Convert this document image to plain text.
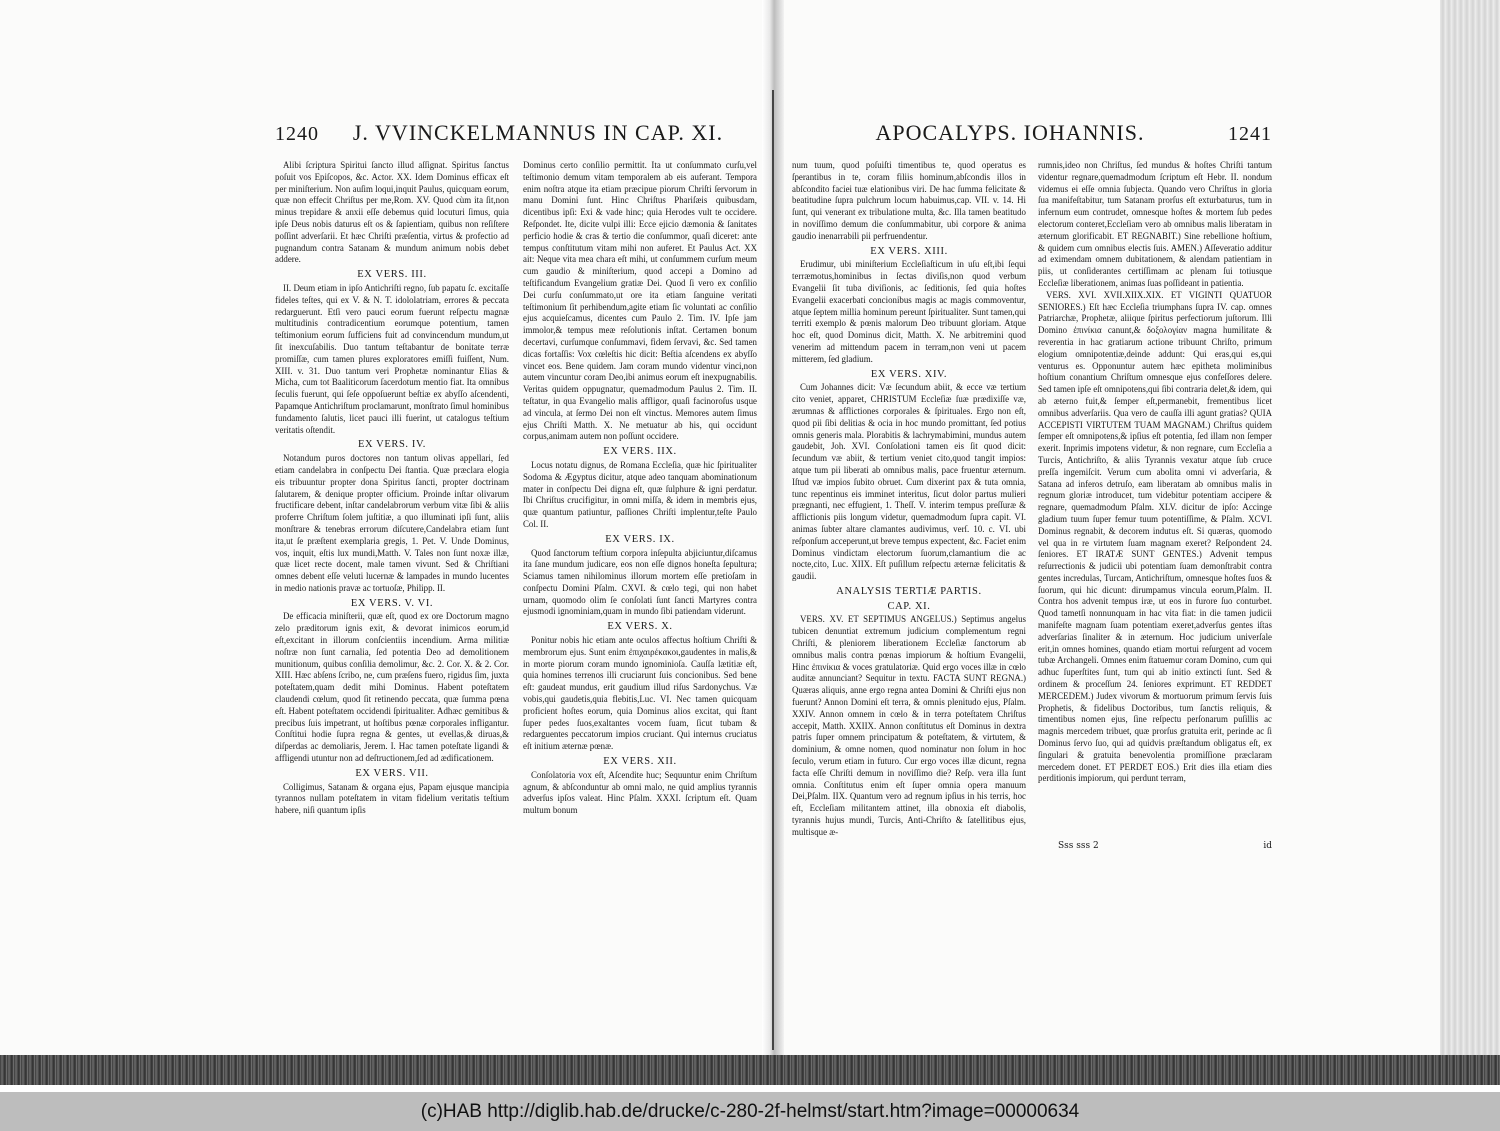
1240	J. VVINCKELMANNUS IN CAP. XI.

Alibi ſcriptura Spiritui ſancto illud aſſignat. Spiritus ſanctus poſuit vos Epiſcopos, &c. Actor. XX. Idem Dominus efficax eſt per miniſterium. Non auſim loqui,inquit Paulus, quicquam eorum, quæ non effecit Chriſtus per me,Rom. XV. Quod cùm ita ſit,non minus trepidare & anxii eſſe debemus quid locuturi ſimus, quia ipſe Deus nobis daturus eſt os & ſapientiam, quibus non reſiſtere poſſint adverſarii. Et hæc Chriſti præſentia, virtus & profectio ad pugnandum contra Satanam & mundum animum nobis debet addere.

EX VERS. III.

II. Deum etiam in ipſo Antichriſti regno, ſub papatu ſc. excitaſſe fideles teſtes, qui ex V. & N. T. idololatriam, errores & peccata redarguerunt. Etſi vero pauci eorum fuerunt reſpectu magnæ multitudinis contradicentium eorumque potentium, tamen teſtimonium eorum ſufficiens fuit ad convincendum mundum,ut ſit inexcuſabilis. Duo tantum teſtabantur de bonitate terræ promiſſæ, cum tamen plures exploratores emiſſi fuiſſent, Num. XIII. v. 31. Duo tantum veri Prophetæ nominantur Elias & Micha, cum tot Baaliticorum ſacerdotum mentio fiat. Ita omnibus ſeculis fuerunt, qui ſeſe oppoſuerunt beſtiæ ex abyſſo aſcendenti, Papamque Antichriſtum proclamarunt, monſtrato ſimul hominibus fundamento ſalutis, licet pauci illi fuerint, ut catalogus teſtium veritatis oſtendit.

EX VERS. IV.

Notandum puros doctores non tantum olivas appellari, ſed etiam candelabra in conſpectu Dei ſtantia. Quæ præclara elogia eis tribuuntur propter dona Spiritus ſancti, propter doctrinam ſalutarem, & denique propter officium. Proinde inſtar olivarum fructificare debent, inſtar candelabrorum verbum vitæ ſibi & aliis proferre Chriſtum ſolem juſtitiæ, a quo illuminati ipſi ſunt, aliis monſtrare & tenebras errorum diſcutere,Candelabra etiam ſunt ita,ut ſe præſtent exemplaria gregis, 1. Pet. V. Unde Dominus, vos, inquit, eſtis lux mundi,Matth. V. Tales non ſunt noxæ illæ, quæ licet recte docent, male tamen vivunt. Sed & Chriſtiani omnes debent eſſe veluti lucernæ & lampades in mundo lucentes in medio nationis pravæ ac tortuoſæ, Philipp. II.

EX VERS. V. VI.

De efficacia miniſterii, quæ eſt, quod ex ore Doctorum magno zelo præditorum ignis exit, & devorat inimicos eorum,id eſt,excitant in illorum conſcientiis incendium. Arma militiæ noſtræ non ſunt carnalia, ſed potentia Deo ad demolitionem munitionum, quibus conſilia demolimur, &c. 2. Cor. X. & 2. Cor. XIII. Hæc abſens ſcribo, ne, cum præſens fuero, rigidus ſim, juxta poteſtatem,quam dedit mihi Dominus. Habent poteſtatem claudendi cœlum, quod ſit retinendo peccata, quæ ſumma pœna eſt. Habent poteſtatem occidendi ſpiritualiter. Adhæc gemitibus & precibus ſuis impetrant, ut hoſtibus pœnæ corporales infligantur. Conſtitui hodie ſupra regna & gentes, ut evellas,& diruas,& diſperdas ac demoliaris, Jerem. I. Hac tamen poteſtate ligandi & affligendi utuntur non ad deſtructionem,ſed ad ædificationem.

EX VERS. VII.

Colligimus, Satanam & organa ejus, Papam ejusque mancipia tyrannos nullam poteſtatem in vitam fidelium veritatis teſtium habere, niſi quantum ipſis

Dominus certo conſilio permittit. Ita ut conſummato curſu,vel teſtimonio demum vitam temporalem ab eis auferant. Tempora enim noſtra atque ita etiam præcipue piorum Chriſti ſervorum in manu Domini ſunt. Hinc Chriſtus Phariſæis quibusdam, dicentibus ipſi: Exi & vade hinc; quia Herodes vult te occidere. Reſpondet. Ite, dicite vulpi illi: Ecce ejicio dæmonia & ſanitates perficio hodie & cras & tertio die conſummor, quaſi diceret: ante tempus conſtitutum vitam mihi non auferet. Et Paulus Act. XX ait: Neque vita mea chara eſt mihi, ut conſummem curſum meum cum gaudio & miniſterium, quod accepi a Domino ad teſtificandum Evangelium gratiæ Dei. Quod ſi vero ex conſilio Dei curſu conſummato,ut ore ita etiam ſanguine veritati teſtimonium ſit perhibendum,agite etiam ſic voluntati ac conſilio ejus acquieſcamus, dicentes cum Paulo 2. Tim. IV. Ipſe jam immolor,& tempus meæ reſolutionis inſtat. Certamen bonum decertavi, curſumque conſummavi, fidem ſervavi, &c. Sed tamen dicas fortaſſis: Vox cœleſtis hic dicit: Beſtia aſcendens ex abyſſo vincet eos. Bene quidem. Jam coram mundo videntur vinci,non autem vincuntur coram Deo,ibi animus eorum eſt inexpugnabilis. Veritas quidem oppugnatur, quemadmodum Paulus 2. Tim. II. teſtatur, in qua Evangelio malis affligor, quaſi facinoroſus usque ad vincula, at ſermo Dei non eſt vinctus. Memores autem ſimus ejus Chriſti Matth. X. Ne metuatur ab his, qui occidunt corpus,animam autem non poſſunt occidere.

EX VERS. IIX.

Locus notatu dignus, de Romana Eccleſia, quæ hic ſpiritualiter Sodoma & Ægyptus dicitur, atque adeo tanquam abominationum mater in conſpectu Dei digna eſt, quæ ſulphure & igni perdatur. Ibi Chriſtus crucifigitur, in omni miſſa, & idem in membris ejus, quæ quantum patiuntur, paſſiones Chriſti implentur,teſte Paulo Col. II.

EX VERS. IX.

Quod ſanctorum teſtium corpora inſepulta abjiciuntur,diſcamus ita ſane mundum judicare, eos non eſſe dignos honeſta ſepultura; Sciamus tamen nihilominus illorum mortem eſſe pretioſam in conſpectu Domini Pſalm. CXVI. & cœlo tegi, qui non habet urnam, quomodo olim ſe conſolati ſunt ſancti Martyres contra ejusmodi ignominiam,quam in mundo ſibi patiendam viderunt.

EX VERS. X.

Ponitur nobis hic etiam ante oculos affectus hoſtium Chriſti & membrorum ejus. Sunt enim ἐπιχαιρέκακοι,gaudentes in malis,& in morte piorum coram mundo ignominioſa. Cauſſa lætitiæ eſt, quia homines terrenos illi cruciarunt ſuis concionibus. Sed bene eſt: gaudeat mundus, erit gaudium illud riſus Sardonychus. Væ vobis,qui gaudetis,quia flebitis,Luc. VI. Nec tamen quicquam proficient hoſtes eorum, quia Dominus alios excitat, qui ſtant ſuper pedes ſuos,exaltantes vocem ſuam, ſicut tubam & redarguentes peccatorum impios cruciant. Qui internus cruciatus eſt initium æternæ pœnæ.

EX VERS. XII.

Conſolatoria vox eſt, Aſcendite huc; Sequuntur enim Chriſtum agnum, & abſconduntur ab omni malo, ne quid amplius tyrannis adverſus ipſos valeat. Hinc Pſalm. XXXI. ſcriptum eſt. Quam multum bonum

APOCALYPS. IOHANNIS.	1241

num tuum, quod poſuiſti timentibus te, quod operatus es ſperantibus in te, coram filiis hominum,abſcondis illos in abſcondito faciei tuæ elationibus viri. De hac ſumma felicitate & beatitudine ſupra pulchrum locum habuimus,cap. VII. v. 14. Hi ſunt, qui venerant ex tribulatione multa, &c. Illa tamen beatitudo in noviſſimo demum die conſummabitur, ubi corpore & anima gaudio inenarrabili pii perfruendentur.

EX VERS. XIII.

Erudimur, ubi miniſterium Eccleſiaſticum in uſu eſt,ibi ſequi terræmotus,hominibus in ſectas diviſis,non quod verbum Evangelii ſit tuba diviſionis, ac ſeditionis, ſed quia hoſtes Evangelii exacerbati concionibus magis ac magis commoventur, atque ſeptem millia hominum pereunt ſpiritualiter. Sunt tamen,qui territi exemplo & pœnis malorum Deo tribuunt gloriam. Atque hoc eſt, quod Dominus dicit, Matth. X. Ne arbitremini quod venerim ad mittendum pacem in terram,non veni ut pacem mitterem, ſed gladium.

EX VERS. XIV.

Cum Johannes dicit: Væ ſecundum abiit, & ecce væ tertium cito veniet, apparet, CHRISTUM Eccleſiæ ſuæ prædixiſſe væ, ærumnas & afflictiones corporales & ſpirituales. Ergo non eſt, quod pii ſibi delitias & ocia in hoc mundo promittant, ſed potius omnis generis mala. Plorabitis & lachrymabimini, mundus autem gaudebit, Joh. XVI. Conſolationi tamen eis ſit quod dicit: ſecundum væ abiit, & tertium veniet cito,quod tangit impios: atque tum pii liberati ab omnibus malis, pace fruentur æternum. Iſtud væ impios ſubito obruet. Cum dixerint pax & tuta omnia, tunc repentinus eis imminet interitus, ſicut dolor partus mulieri prægnanti, nec effugient, 1. Theſſ. V. interim tempus preſſuræ & afflictionis piis longum videtur, quemadmodum ſupra capit. VI. animas ſubter altare clamantes audivimus, verſ. 10. c. VI. ubi reſponſum acceperunt,ut breve tempus expectent, &c. Faciet enim Dominus vindictam electorum ſuorum,clamantium die ac nocte,cito, Luc. XIIX. Eſt puſillum reſpectu æternæ felicitatis & gaudii.

ANALYSIS TERTIÆ PARTIS.
CAP. XI.

VERS. XV. ET SEPTIMUS ANGELUS.) Septimus angelus tubicen denuntiat extremum judicium complementum regni Chriſti, & pleniorem liberationem Eccleſiæ ſanctorum ab omnibus malis contra pœnas impiorum & hoſtium Evangelii, Hinc ἐπινίκια & voces gratulatoriæ. Quid ergo voces illæ in cœlo auditæ annunciant? Sequitur in textu. FACTA SUNT REGNA.) Quæras aliquis, anne ergo regna antea Domini & Chriſti ejus non fuerunt? Annon Domini eſt terra, & omnis plenitudo ejus, Pſalm. XXIV. Annon omnem in cœlo & in terra poteſtatem Chriſtus accepit, Matth. XXIIX. Annon conſtitutus eſt Dominus in dextra patris ſuper omnem principatum & poteſtatem, & virtutem, & dominium, & omne nomen, quod nominatur non ſolum in hoc ſeculo, verum etiam in futuro. Cur ergo voces illæ dicunt, regna facta eſſe Chriſti demum in noviſſimo die? Reſp. vera illa ſunt omnia. Conſtitutus enim eſt ſuper omnia opera manuum Dei,Pſalm. IIX. Quantum vero ad regnum ipſius in his terris, hoc eſt, Eccleſiam militantem attinet, illa obnoxia eſt diabolis, tyrannis hujus mundi, Turcis, Anti-Chriſto & ſatellitibus ejus, multisque æ-

rumnis,ideo non Chriſtus, ſed mundus & hoſtes Chriſti tantum videntur regnare,quemadmodum ſcriptum eſt Hebr. II. nondum videmus ei eſſe omnia ſubjecta. Quando vero Chriſtus in gloria ſua manifeſtabitur, tum Satanam prorſus eſt exturbaturus, tum in infernum eum contrudet, omnesque hoſtes & mortem ſub pedes electorum conteret,Eccleſiam vero ab omnibus malis liberatam in æternum glorificabit. ET REGNABIT.) Sine rebellione hoſtium, & quidem cum omnibus electis ſuis. AMEN.) Aſſeveratio additur ad eximendam omnem dubitationem, & alendam patientiam in piis, ut conſiderantes certiſſimam ac plenam ſui totiusque Eccleſiæ liberationem, animas ſuas poſſideant in patientia.

VERS. XVI. XVII.XIIX.XIX. ET VIGINTI QUATUOR SENIORES.) Eſt hæc Eccleſia triumphans ſupra IV. cap. omnes Patriarchæ, Prophetæ, aliique ſpiritus perfectiorum juſtorum. Illi Domino ἐπινίκια canunt,& δοξολογίαν magna humilitate & reverentia in hac gratiarum actione tribuunt Chriſto, primum elogium omnipotentiæ,deinde addunt: Qui eras,qui es,qui venturus es. Opponuntur autem hæc epitheta moliminibus hoſtium conantium Chriſtum omnesque ejus confeſſores delere. Sed tamen ipſe eſt omnipotens,qui ſibi contraria delet,& idem, qui ab æterno fuit,& ſemper eſt,permanebit, frementibus licet omnibus adverſariis. Qua vero de cauſſa illi agunt gratias? QUIA ACCEPISTI VIRTUTEM TUAM MAGNAM.) Chriſtus quidem ſemper eſt omnipotens,& ipſius eſt potentia, ſed illam non ſemper exerit. Inprimis impotens videtur, & non regnare, cum Eccleſia a Turcis, Antichriſto, & aliis Tyrannis vexatur atque ſub cruce preſſa ingemiſcit. Verum cum abolita omni vi adverſaria, & Satana ad inferos detruſo, eam liberatam ab omnibus malis in regnum gloriæ introducet, tum videbitur potentiam accipere & regnare, quemadmodum Pſalm. XLV. dicitur de ipſo: Accinge gladium tuum ſuper femur tuum potentiſſime, & Pſalm. XCVI. Dominus regnabit, & decorem indutus eſt. Si quæras, quomodo vel qua in re virtutem ſuam magnam exeret? Reſpondent 24. ſeniores. ET IRATÆ SUNT GENTES.) Advenit tempus reſurrectionis & judicii ubi potentiam ſuam demonſtrabit contra gentes incredulas, Turcam, Antichriſtum, omnesque hoſtes ſuos & ſuorum, qui hic dicunt: dirumpamus vincula eorum,Pſalm. II. Contra hos advenit tempus iræ, ut eos in furore ſuo conturbet. Quod tametſi nonnunquam in hac vita fiat: in die tamen judicii manifeſte magnam ſuam potentiam exeret,adverſus gentes iſtas adverſarias ſinaliter & in æternum. Hoc judicium univerſale erit,in omnes homines, quando etiam mortui reſurgent ad vocem tubæ Archangeli. Omnes enim ſtatuemur coram Domino, cum qui adhuc ſuperſtites ſunt, tum qui ab initio extincti ſunt. Sed & ordinem & proceſſum 24. ſeniores exprimunt. ET REDDET MERCEDEM.) Judex vivorum & mortuorum primum ſervis ſuis Prophetis, & fidelibus Doctoribus, tum ſanctis reliquis, & timentibus nomen ejus, ſine reſpectu perſonarum puſillis ac magnis mercedem tribuet, quæ prorſus gratuita erit, perinde ac ſi Dominus ſervo ſuo, qui ad quidvis præſtandum obligatus eſt, ex ſingulari & gratuita benevolentia promiſſione præclaram mercedem donet. ET PERDET EOS.) Erit dies illa etiam dies perditionis impiorum, qui perdunt terram,

Sss sss 2	id
(c)HAB http://diglib.hab.de/drucke/c-280-2f-helmst/start.htm?image=00000634
